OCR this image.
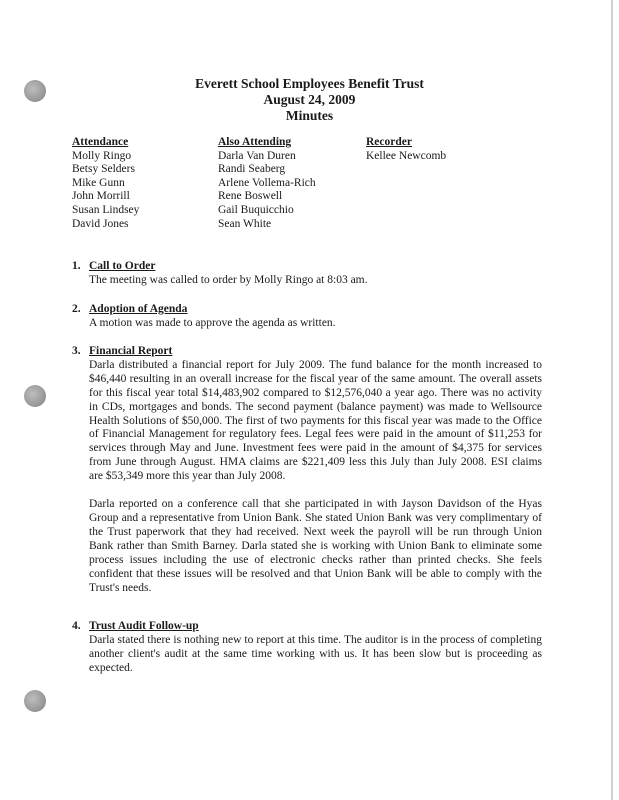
Everett School Employees Benefit Trust
August 24, 2009
Minutes
Attendance
Molly Ringo
Betsy Selders
Mike Gunn
John Morrill
Susan Lindsey
David Jones
Also Attending
Darla Van Duren
Randi Seaberg
Arlene Vollema-Rich
Rene Boswell
Gail Buquicchio
Sean White
Recorder
Kellee Newcomb
1. Call to Order

The meeting was called to order by Molly Ringo at 8:03 am.

2. Adoption of Agenda

A motion was made to approve the agenda as written.

3. Financial Report

Darla distributed a financial report for July 2009. The fund balance for the month increased to $46,440 resulting in an overall increase for the fiscal year of the same amount. The overall assets for this fiscal year total $14,483,902 compared to $12,576,040 a year ago. There was no activity in CDs, mortgages and bonds. The second payment (balance payment) was made to Wellsource Health Solutions of $50,000. The first of two payments for this fiscal year was made to the Office of Financial Management for regulatory fees. Legal fees were paid in the amount of $11,253 for services through May and June. Investment fees were paid in the amount of $4,375 for services from June through August. HMA claims are $221,409 less this July than July 2008. ESI claims are $53,349 more this year than July 2008.

Darla reported on a conference call that she participated in with Jayson Davidson of the Hyas Group and a representative from Union Bank. She stated Union Bank was very complimentary of the Trust paperwork that they had received. Next week the payroll will be run through Union Bank rather than Smith Barney. Darla stated she is working with Union Bank to eliminate some process issues including the use of electronic checks rather than printed checks. She feels confident that these issues will be resolved and that Union Bank will be able to comply with the Trust's needs.

4. Trust Audit Follow-up

Darla stated there is nothing new to report at this time. The auditor is in the process of completing another client's audit at the same time working with us. It has been slow but is proceeding as expected.
